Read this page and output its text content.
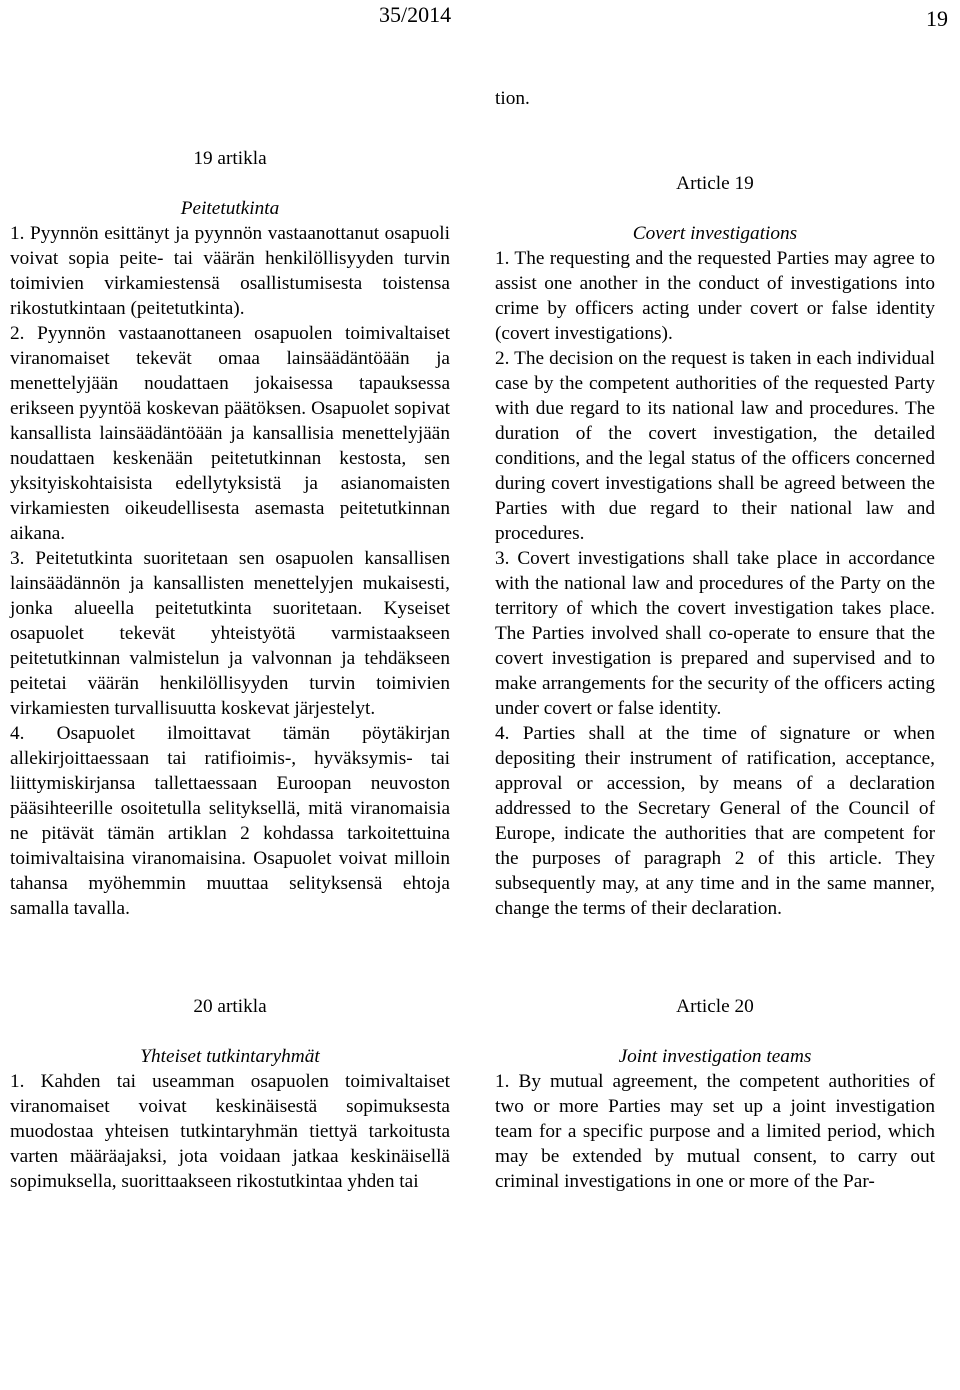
35/2014	19

19 artikla

Peitetutkinta

1. Pyynnön esittänyt ja pyynnön vastaanottanut osapuoli voivat sopia peite- tai väärän henkilöllisyyden turvin toimivien virkamiestensä osallistumisesta toistensa rikostutkintaan (peitetutkinta).

2. Pyynnön vastaanottaneen osapuolen toimivaltaiset viranomaiset tekevät omaa lainsäädäntöään ja menettelyjään noudattaen jokaisessa tapauksessa erikseen pyyntöä koskevan päätöksen. Osapuolet sopivat kansallista lainsäädäntöään ja kansallisia menettelyjään noudattaen keskenään peitetutkinnan kestosta, sen yksityiskohtaisista edellytyksistä ja asianomaisten virkamiesten oikeudellisesta asemasta peitetutkinnan aikana.

3. Peitetutkinta suoritetaan sen osapuolen kansallisen lainsäädännön ja kansallisten menettelyjen mukaisesti, jonka alueella peitetutkinta suoritetaan. Kyseiset osapuolet tekevät yhteistyötä varmistaakseen peitetutkinnan valmistelun ja valvonnan ja tehdäkseen peitetai väärän henkilöllisyyden turvin toimivien virkamiesten turvallisuutta koskevat järjestelyt.

4. Osapuolet ilmoittavat tämän pöytäkirjan allekirjoittaessaan tai ratifioimis-, hyväksymis- tai liittymiskirjansa tallettaessaan Euroopan neuvoston pääsihteerille osoitetulla selityksellä, mitä viranomaisia ne pitävät tämän artiklan 2 kohdassa tarkoitettuina toimivaltaisina viranomaisina. Osapuolet voivat milloin tahansa myöhemmin muuttaa selityksensä ehtoja samalla tavalla.

20 artikla

Yhteiset tutkintaryhmät

1. Kahden tai useamman osapuolen toimivaltaiset viranomaiset voivat keskinäisestä sopimuksesta muodostaa yhteisen tutkintaryhmän tiettyä tarkoitusta varten määräajaksi, jota voidaan jatkaa keskinäisellä sopimuksella, suorittaakseen rikostutkintaa yhden tai

tion.

Article 19

Covert investigations

1. The requesting and the requested Parties may agree to assist one another in the conduct of investigations into crime by officers acting under covert or false identity (covert investigations).

2. The decision on the request is taken in each individual case by the competent authorities of the requested Party with due regard to its national law and procedures. The duration of the covert investigation, the detailed conditions, and the legal status of the officers concerned during covert investigations shall be agreed between the Parties with due regard to their national law and procedures.

3. Covert investigations shall take place in accordance with the national law and procedures of the Party on the territory of which the covert investigation takes place. The Parties involved shall co-operate to ensure that the covert investigation is prepared and supervised and to make arrangements for the security of the officers acting under covert or false identity.

4. Parties shall at the time of signature or when depositing their instrument of ratification, acceptance, approval or accession, by means of a declaration addressed to the Secretary General of the Council of Europe, indicate the authorities that are competent for the purposes of paragraph 2 of this article. They subsequently may, at any time and in the same manner, change the terms of their declaration.

Article 20

Joint investigation teams

1. By mutual agreement, the competent authorities of two or more Parties may set up a joint investigation team for a specific purpose and a limited period, which may be extended by mutual consent, to carry out criminal investigations in one or more of the Par-
